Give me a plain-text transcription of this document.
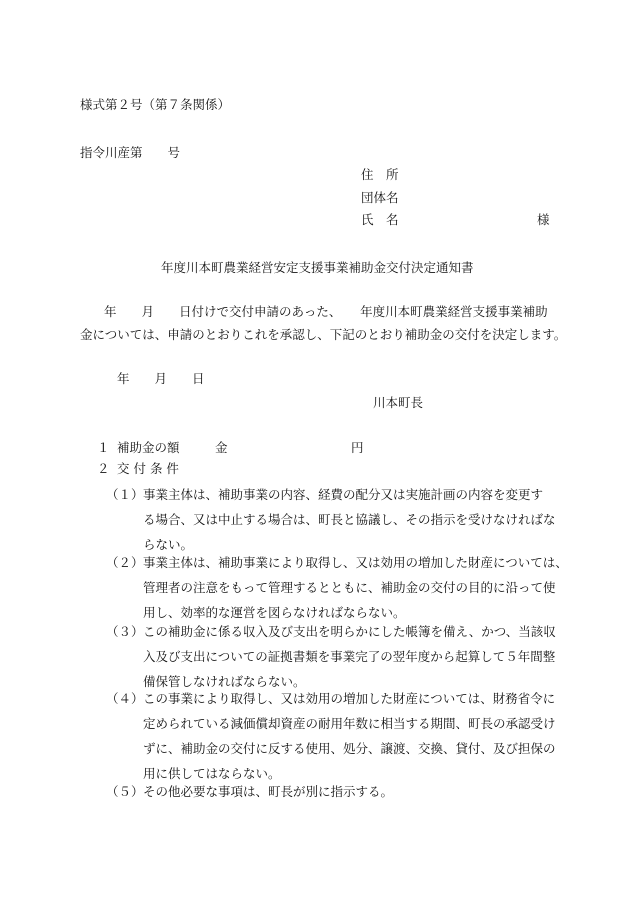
様式第２号（第７条関係）
指令川産第　　号
住　所
団体名
氏　名	様
年度川本町農業経営安定支援事業補助金交付決定通知書
年　　月　　日付けで交付申請のあった、　　年度川本町農業経営支援事業補助
金については、申請のとおりこれを承認し、下記のとおり補助金の交付を決定します。
年　　月　　日
川本町長
１ 補助金の額	金	円
２ 交 付 条 件
（１） 事業主体は、補助事業の内容、経費の配分又は実施計画の内容を変更す
る場合、又は中止する場合は、町長と協議し、その指示を受けなければな
らない。
（２） 事業主体は、補助事業により取得し、又は効用の増加した財産については、
管理者の注意をもって管理するとともに、補助金の交付の目的に沿って使
用し、効率的な運営を図らなければならない。
（３） この補助金に係る収入及び支出を明らかにした帳簿を備え、かつ、当該収
入及び支出についての証拠書類を事業完了の翌年度から起算して５年間整
備保管しなければならない。
（４） この事業により取得し、又は効用の増加した財産については、財務省令に
定められている減価償却資産の耐用年数に相当する期間、町長の承認受け
ずに、補助金の交付に反する使用、処分、譲渡、交換、貸付、及び担保の
用に供してはならない。
（５） その他必要な事項は、町長が別に指示する。
